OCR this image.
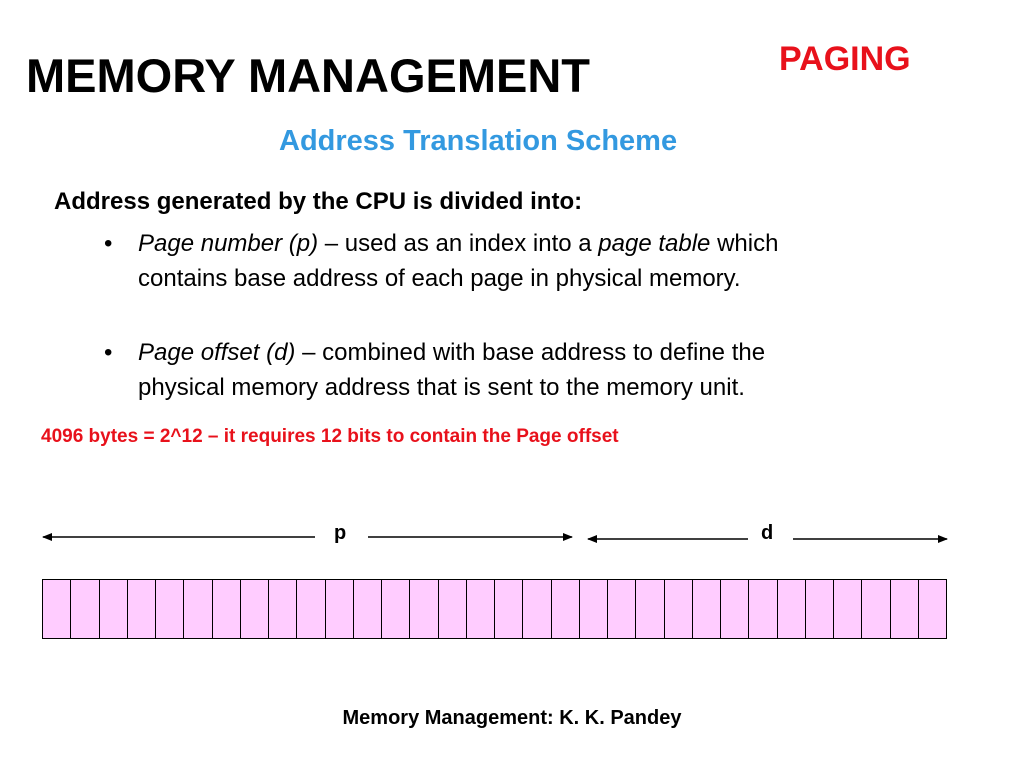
MEMORY MANAGEMENT	PAGING
Address Translation Scheme
Address generated by the CPU is divided into:
• Page number (p) – used as an index into a page table which
contains base address of each page in physical memory.
• Page offset (d) – combined with base address to define the
physical memory address that is sent to the memory unit.
4096 bytes = 2^12 – it requires 12 bits to contain the Page offset
p	d
Memory Management: K. K. Pandey
